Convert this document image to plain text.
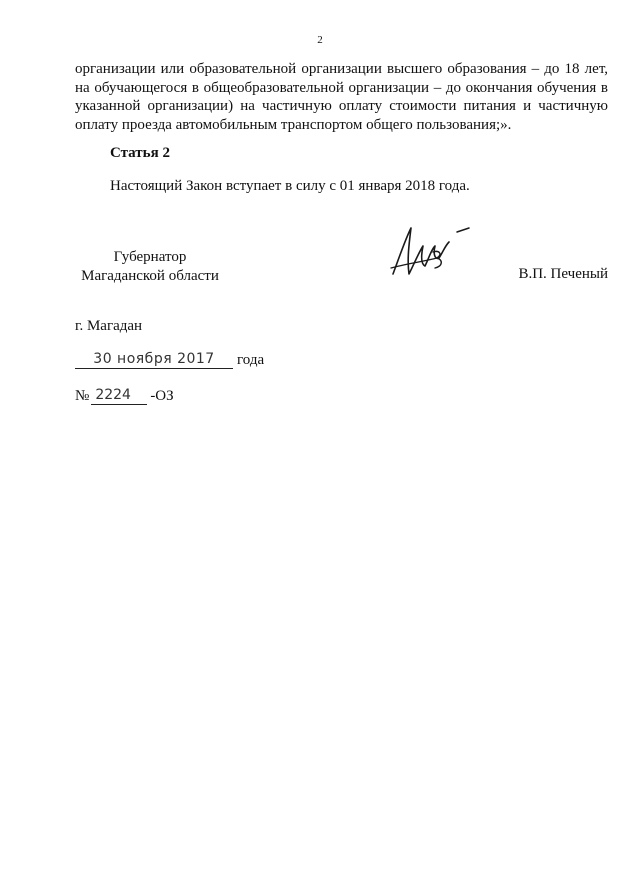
2
организации или образовательной организации высшего образования – до 18 лет, на обучающегося в общеобразовательной организации – до окончания обучения в указанной организации) на частичную оплату стоимости питания и частичную оплату проезда автомобильным транспортом общего пользования;».
Статья 2
Настоящий Закон вступает в силу с 01 января 2018 года.
Губернатор
Магаданской области	В.П. Печеный
г. Магадан
30 ноября 2017	года
№ 2224	-ОЗ
